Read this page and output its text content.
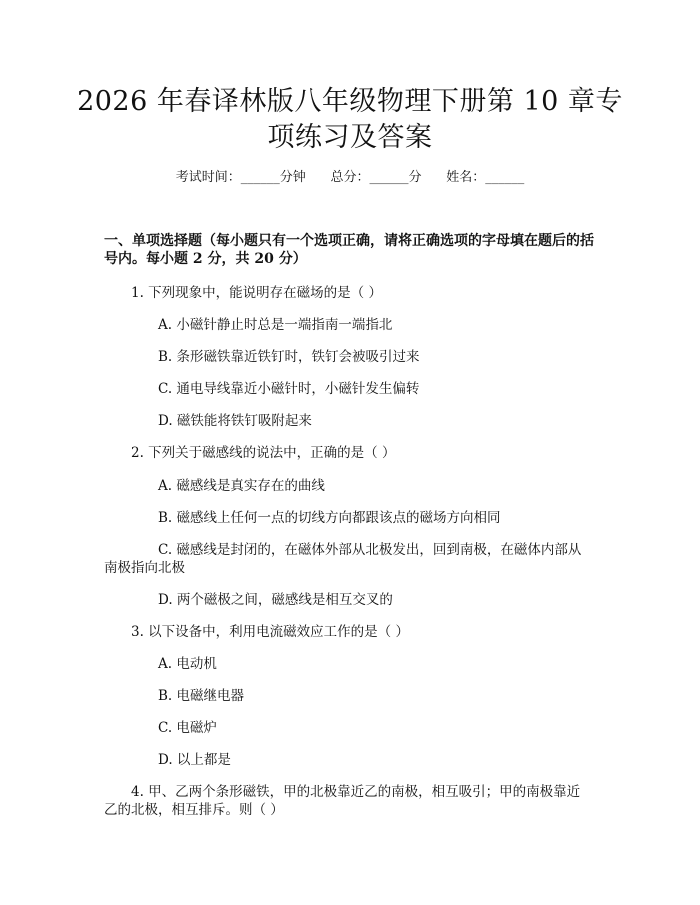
2026 年春译林版八年级物理下册第 10 章专
项练习及答案
考试时间：______分钟      总分：______分      姓名：______
一、单项选择题（每小题只有一个选项正确，请将正确选项的字母填在题后的括
号内。每小题 2 分，共 20 分）
1. 下列现象中，能说明存在磁场的是（ ）
A. 小磁针静止时总是一端指南一端指北
B. 条形磁铁靠近铁钉时，铁钉会被吸引过来
C. 通电导线靠近小磁针时，小磁针发生偏转
D. 磁铁能将铁钉吸附起来
2. 下列关于磁感线的说法中，正确的是（ ）
A. 磁感线是真实存在的曲线
B. 磁感线上任何一点的切线方向都跟该点的磁场方向相同
C. 磁感线是封闭的，在磁体外部从北极发出，回到南极，在磁体内部从
南极指向北极
D. 两个磁极之间，磁感线是相互交叉的
3. 以下设备中，利用电流磁效应工作的是（ ）
A. 电动机
B. 电磁继电器
C. 电磁炉
D. 以上都是
4. 甲、乙两个条形磁铁，甲的北极靠近乙的南极，相互吸引；甲的南极靠近
乙的北极，相互排斥。则（ ）
